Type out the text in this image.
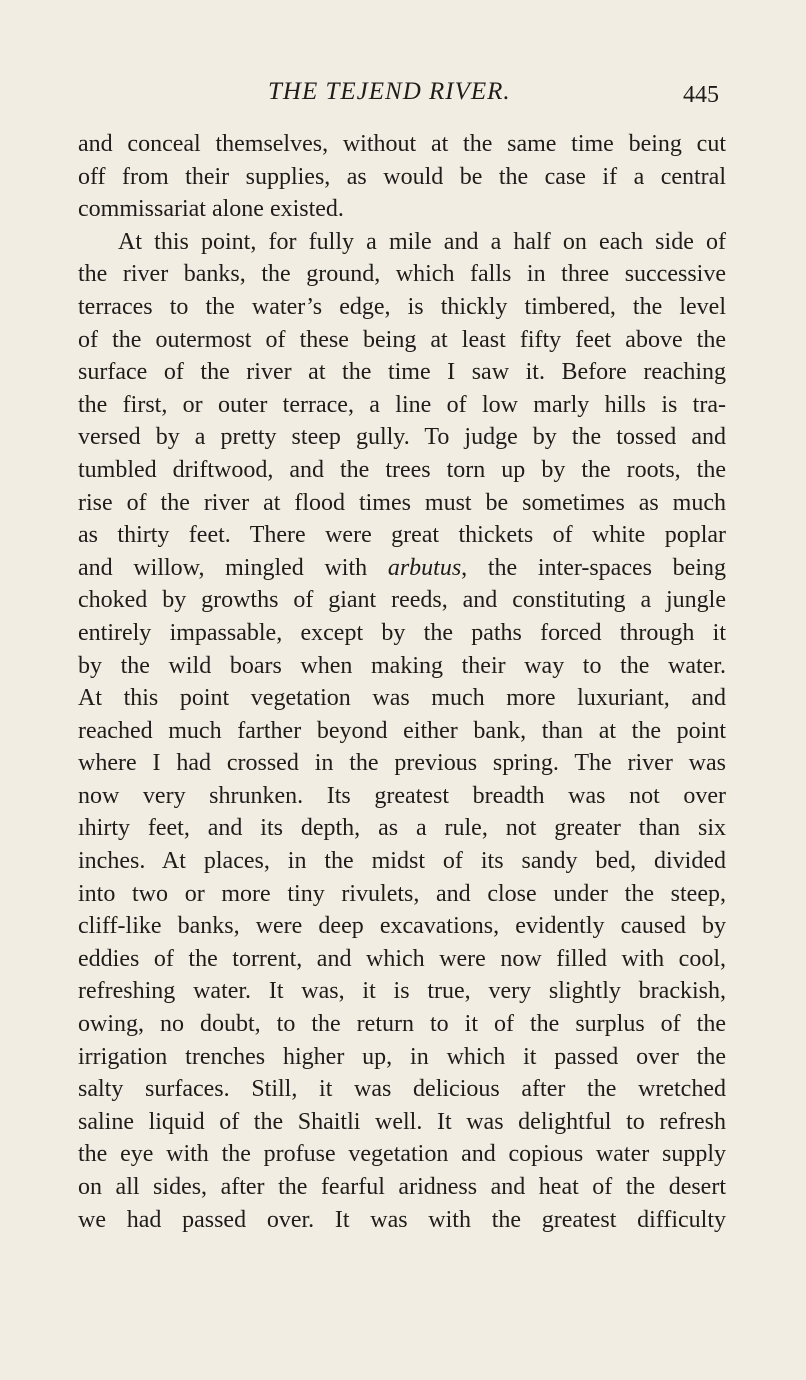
THE TEJEND RIVER.	445
and conceal themselves, without at the same time being cut
off from their supplies, as would be the case if a central
commissariat alone existed.
At this point, for fully a mile and a half on each side of
the river banks, the ground, which falls in three successive
terraces to the water’s edge, is thickly timbered, the level
of the outermost of these being at least fifty feet above the
surface of the river at the time I saw it. Before reaching
the first, or outer terrace, a line of low marly hills is tra-
versed by a pretty steep gully. To judge by the tossed and
tumbled driftwood, and the trees torn up by the roots, the
rise of the river at flood times must be sometimes as much
as thirty feet. There were great thickets of white poplar
and willow, mingled with arbutus, the inter-spaces being
choked by growths of giant reeds, and constituting a jungle
entirely impassable, except by the paths forced through it
by the wild boars when making their way to the water.
At this point vegetation was much more luxuriant, and
reached much farther beyond either bank, than at the point
where I had crossed in the previous spring. The river was
now very shrunken. Its greatest breadth was not over
ıhirty feet, and its depth, as a rule, not greater than six
inches. At places, in the midst of its sandy bed, divided
into two or more tiny rivulets, and close under the steep,
cliff-like banks, were deep excavations, evidently caused by
eddies of the torrent, and which were now filled with cool,
refreshing water. It was, it is true, very slightly brackish,
owing, no doubt, to the return to it of the surplus of the
irrigation trenches higher up, in which it passed over the
salty surfaces. Still, it was delicious after the wretched
saline liquid of the Shaitli well. It was delightful to refresh
the eye with the profuse vegetation and copious water supply
on all sides, after the fearful aridness and heat of the desert
we had passed over. It was with the greatest difficulty
